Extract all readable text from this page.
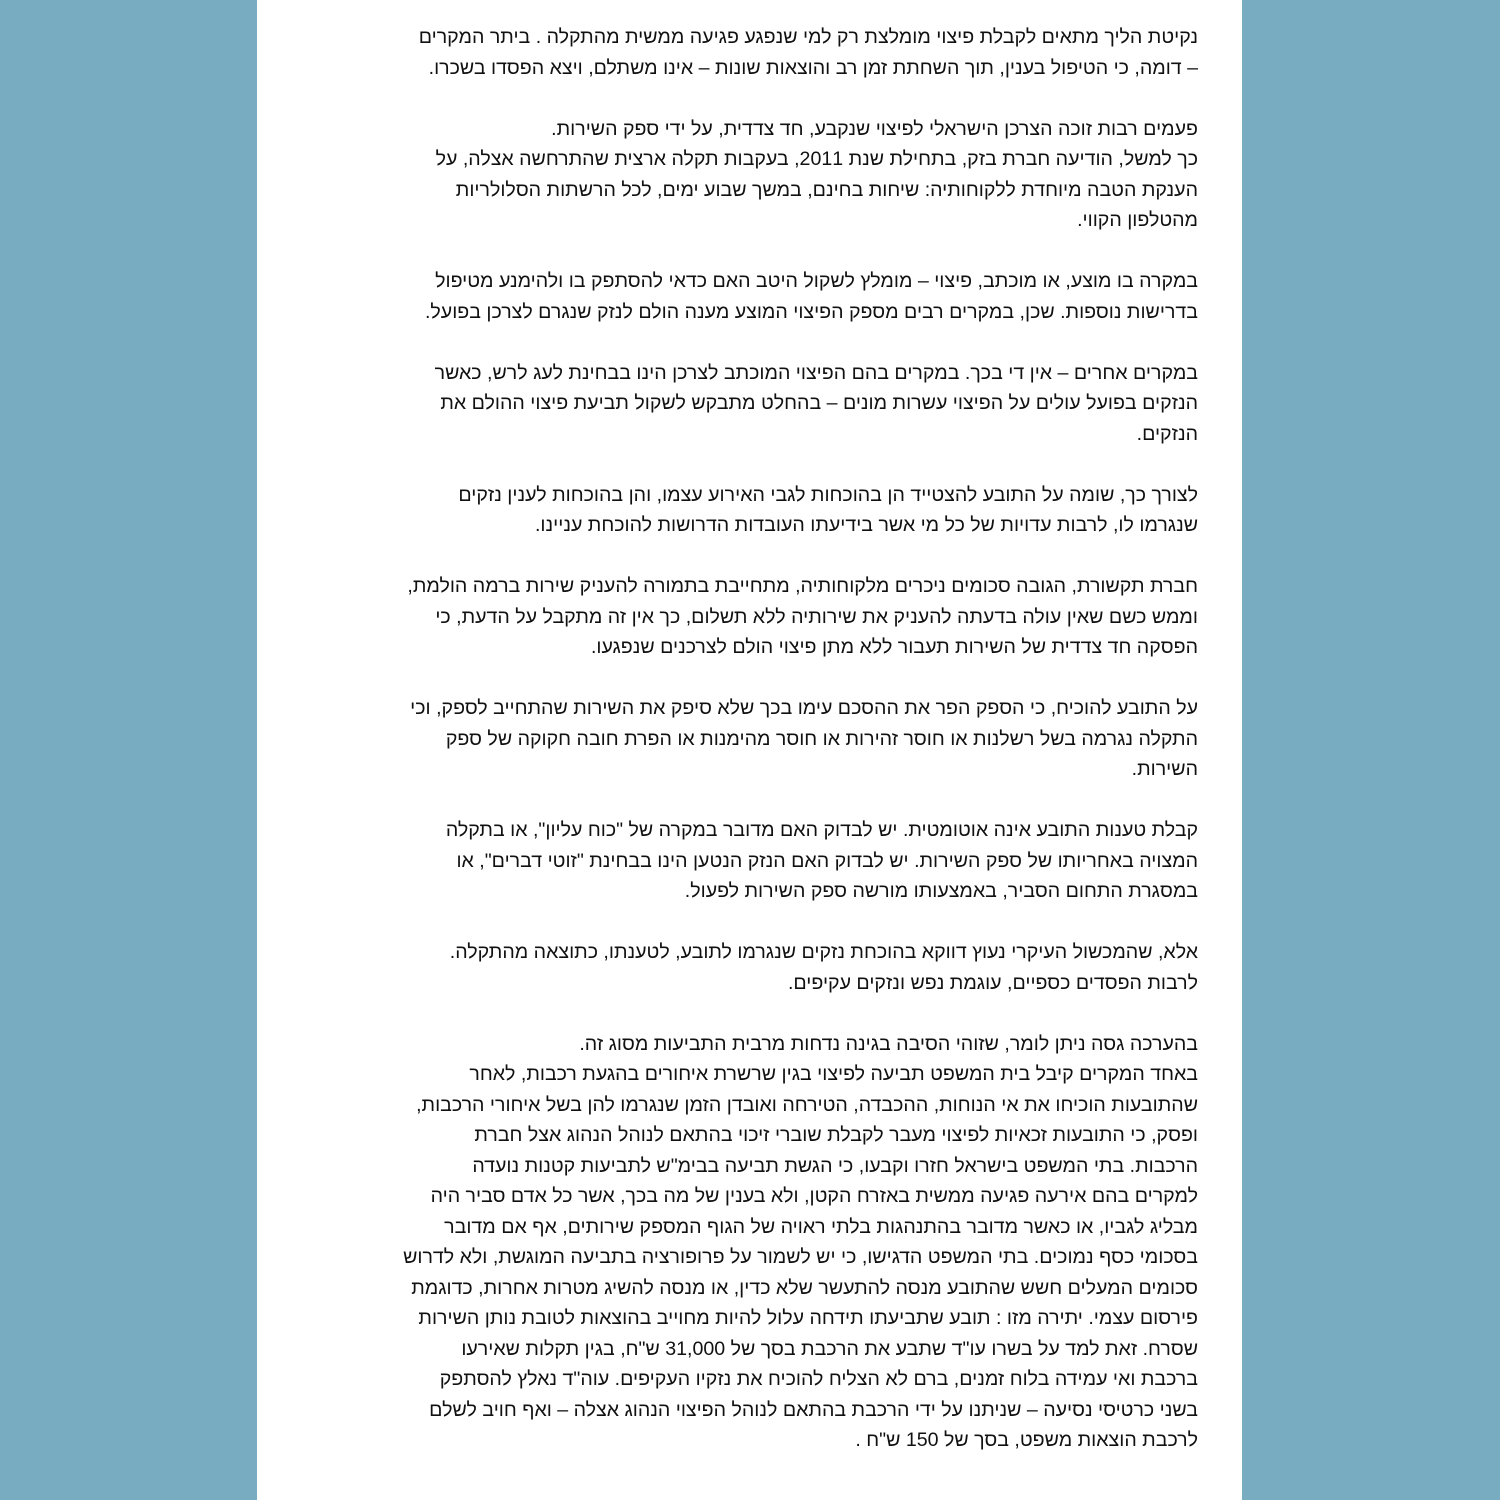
נקיטת הליך מתאים לקבלת פיצוי מומלצת רק למי שנפגע פגיעה ממשית מהתקלה . ביתר המקרים
– דומה, כי הטיפול בענין, תוך השחתת זמן רב והוצאות שונות – אינו משתלם, ויצא הפסדו בשכרו.

פעמים רבות זוכה הצרכן הישראלי לפיצוי שנקבע, חד צדדית, על ידי ספק השירות.
כך למשל, הודיעה חברת בזק, בתחילת שנת 2011, בעקבות תקלה ארצית שהתרחשה אצלה, על
הענקת הטבה מיוחדת ללקוחותיה: שיחות בחינם, במשך שבוע ימים, לכל הרשתות הסלולריות
מהטלפון הקווי.

במקרה בו מוצע, או מוכתב, פיצוי – מומלץ לשקול היטב האם כדאי להסתפק בו ולהימנע מטיפול
בדרישות נוספות. שכן, במקרים רבים מספק הפיצוי המוצע מענה הולם לנזק שנגרם לצרכן בפועל.

במקרים אחרים – אין די בכך. במקרים בהם הפיצוי המוכתב לצרכן הינו בבחינת לעג לרש, כאשר
הנזקים בפועל עולים על הפיצוי עשרות מונים – בהחלט מתבקש לשקול תביעת פיצוי ההולם את
הנזקים.

לצורך כך, שומה על התובע להצטייד הן בהוכחות לגבי האירוע עצמו, והן בהוכחות לענין נזקים
שנגרמו לו, לרבות עדויות של כל מי אשר בידיעתו העובדות הדרושות להוכחת עניינו.

חברת תקשורת, הגובה סכומים ניכרים מלקוחותיה, מתחייבת בתמורה להעניק שירות ברמה הולמת,
וממש כשם שאין עולה בדעתה להעניק את שירותיה ללא תשלום, כך אין זה מתקבל על הדעת, כי
הפסקה חד צדדית של השירות תעבור ללא מתן פיצוי הולם לצרכנים שנפגעו.

על התובע להוכיח, כי הספק הפר את ההסכם עימו בכך שלא סיפק את השירות שהתחייב לספק, וכי
התקלה נגרמה בשל רשלנות או חוסר זהירות או חוסר מהימנות או הפרת חובה חקוקה של ספק
השירות.

קבלת טענות התובע אינה אוטומטית. יש לבדוק האם מדובר במקרה של "כוח עליון", או בתקלה
המצויה באחריותו של ספק השירות. יש לבדוק האם הנזק הנטען הינו בבחינת "זוטי דברים", או
במסגרת התחום הסביר, באמצעותו מורשה ספק השירות לפעול.

אלא, שהמכשול העיקרי נעוץ דווקא בהוכחת נזקים שנגרמו לתובע, לטענתו, כתוצאה מהתקלה.
לרבות הפסדים כספיים, עוגמת נפש ונזקים עקיפים.

בהערכה גסה ניתן לומר, שזוהי הסיבה בגינה נדחות מרבית התביעות מסוג זה.
באחד המקרים קיבל בית המשפט תביעה לפיצוי בגין שרשרת איחורים בהגעת רכבות, לאחר
שהתובעות הוכיחו את אי הנוחות, ההכבדה, הטירחה ואובדן הזמן שנגרמו להן בשל איחורי הרכבות,
ופסק, כי התובעות זכאיות לפיצוי מעבר לקבלת שוברי זיכוי בהתאם לנוהל הנהוג אצל חברת
הרכבות. בתי המשפט בישראל חזרו וקבעו, כי הגשת תביעה בבימ"ש לתביעות קטנות נועדה
למקרים בהם אירעה פגיעה ממשית באזרח הקטן, ולא בענין של מה בכך, אשר כל אדם סביר היה
מבליג לגביו, או כאשר מדובר בהתנהגות בלתי ראויה של הגוף המספק שירותים, אף אם מדובר
בסכומי כסף נמוכים. בתי המשפט הדגישו, כי יש לשמור על פרופורציה בתביעה המוגשת, ולא לדרוש
סכומים המעלים חשש שהתובע מנסה להתעשר שלא כדין, או מנסה להשיג מטרות אחרות, כדוגמת
פירסום עצמי. יתירה מזו : תובע שתביעתו תידחה עלול להיות מחוייב בהוצאות לטובת נותן השירות
שסרח. זאת למד על בשרו עו"ד שתבע את הרכבת בסך של 31,000 ש"ח, בגין תקלות שאירעו
ברכבת ואי עמידה בלוח זמנים, ברם לא הצליח להוכיח את נזקיו העקיפים. עוה"ד נאלץ להסתפק
בשני כרטיסי נסיעה – שניתנו על ידי הרכבת בהתאם לנוהל הפיצוי הנהוג אצלה – ואף חויב לשלם
לרכבת הוצאות משפט, בסך של 150 ש"ח .
